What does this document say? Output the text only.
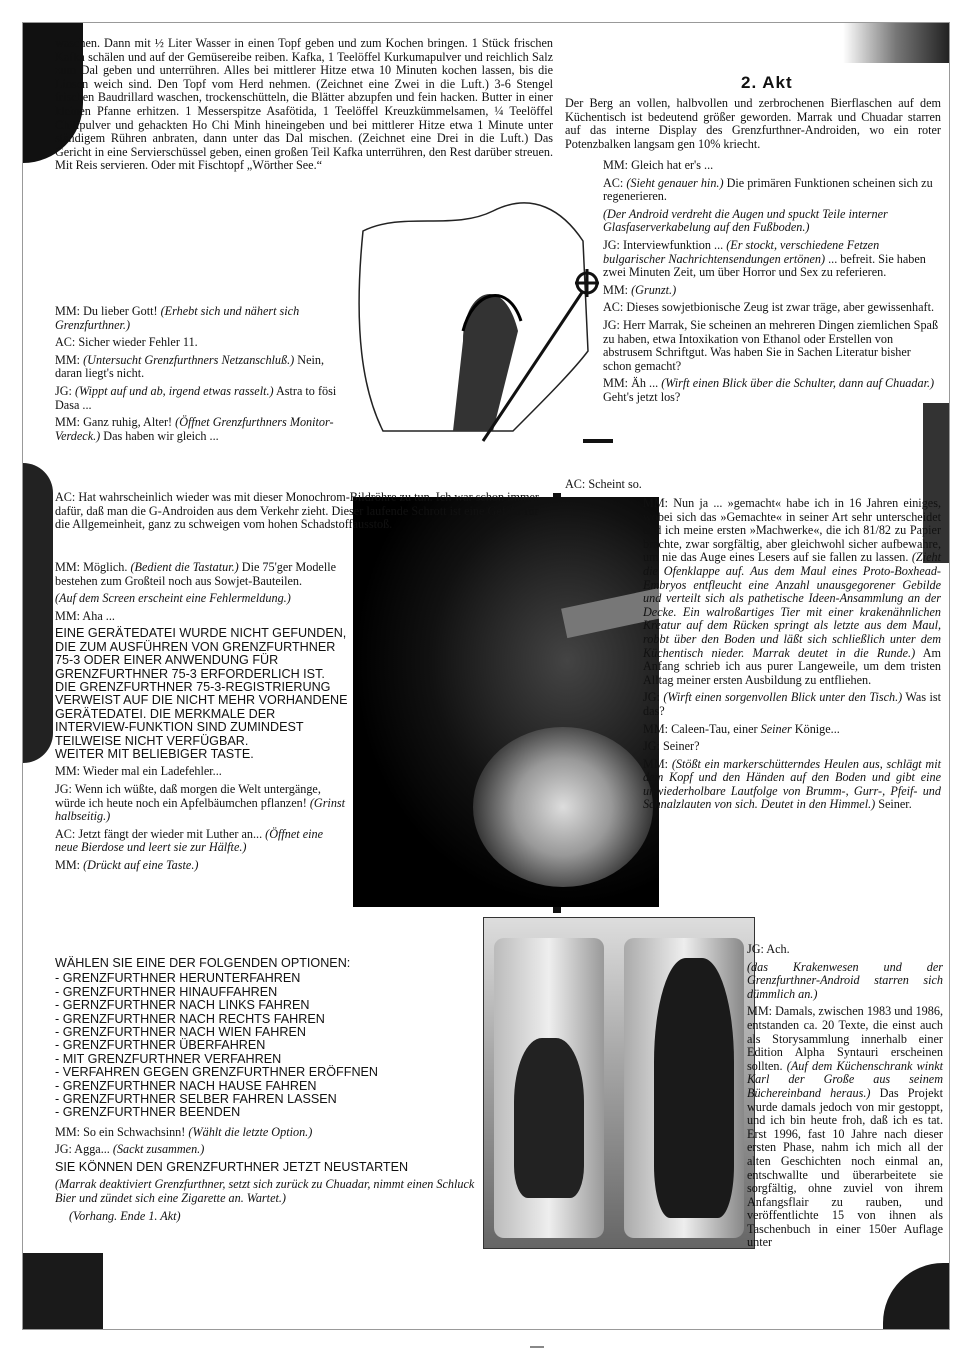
waschen. Dann mit ½ Liter Wasser in einen Topf geben und zum Kochen bringen. 1 Stück frischen Kafka schälen und auf der Gemüsereibe reiben. Kafka, 1 Teelöffel Kurkumapulver und reichlich Salz zum Dal geben und unterrühren. Alles bei mittlerer Hitze etwa 10 Minuten kochen lassen, bis die Linsen weich sind. Den Topf vom Herd nehmen. (Zeichnet eine Zwei in die Luft.) 3-6 Stengel frischen Baudrillard waschen, trockenschütteln, die Blätter abzupfen und fein hacken. Butter in einer kleinen Pfanne erhitzen. 1 Messerspitze Asafötida, 1 Teelöffel Kreuzkümmelsamen, ¼ Teelöffel Chilipulver und gehackten Ho Chi Minh hineingeben und bei mittlerer Hitze etwa 1 Minute unter ständigem Rühren anbraten, dann unter das Dal mischen. (Zeichnet eine Drei in die Luft.) Das Gericht in eine Servierschüssel geben, einen großen Teil Kafka unterrühren, den Rest darüber streuen. Mit Reis servieren. Oder mit Fischtopf „Wörther See.“

MM: Du lieber Gott! (Erhebt sich und nähert sich Grenzfurthner.)

AC: Sicher wieder Fehler 11.

MM: (Untersucht Grenzfurthners Netzanschluß.) Nein, daran liegt's nicht.

JG: (Wippt auf und ab, irgend etwas rasselt.) Astra to fösi Dasa ...

MM: Ganz ruhig, Alter! (Öffnet Grenzfurthners Monitor-Verdeck.) Das haben wir gleich ...

AC: Hat wahrscheinlich wieder was mit dieser Monochrom-Bildröhre zu tun. Ich war schon immer dafür, daß man die G-Androiden aus dem Verkehr zieht. Dieser laufende Schrott ist eine Gefahr für die Allgemeinheit, ganz zu schweigen vom hohen Schadstoffausstoß.

MM: Möglich. (Bedient die Tastatur.) Die 75'ger Modelle bestehen zum Großteil noch aus Sowjet-Bauteilen.

(Auf dem Screen erscheint eine Fehlermeldung.)

MM: Aha ...

EINE GERÄTEDATEI WURDE NICHT GEFUNDEN, DIE ZUM AUSFÜHREN VON GRENZFURTHNER 75-3 ODER EINER ANWENDUNG FÜR GRENZFURTHNER 75-3 ERFORDERLICH IST. DIE GRENZFURTHNER 75-3-REGISTRIERUNG VERWEIST AUF DIE NICHT MEHR VORHANDENE GERÄTEDATEI. DIE MERKMALE DER INTERVIEW-FUNKTION SIND ZUMINDEST TEILWEISE NICHT VERFÜGBAR.

WEITER MIT BELIEBIGER TASTE.

MM: Wieder mal ein Ladefehler...

JG: Wenn ich wüßte, daß morgen die Welt untergänge, würde ich heute noch ein Apfelbäumchen pflanzen! (Grinst halbseitig.)

AC: Jetzt fängt der wieder mit Luther an... (Öffnet eine neue Bierdose und leert sie zur Hälfte.)

MM: (Drückt auf eine Taste.)

WÄHLEN SIE EINE DER FOLGENDEN OPTIONEN:

- GRENZFURTHNER HERUNTERFAHREN
- GRENZFURTHNER HINAUFFAHREN
- GERNZFURTHNER NACH LINKS FAHREN
- GRENZFURTHNER NACH RECHTS FAHREN
- GRENZFURTHNER NACH WIEN FAHREN
- GRENZFURTHNER ÜBERFAHREN
- MIT GRENZFURTHNER VERFAHREN
- VERFAHREN GEGEN GRENZFURTHNER ERÖFFNEN
- GRENZFURTHNER NACH HAUSE FAHREN
- GRENZFURTHNER SELBER FAHREN LASSEN
- GRENZFURTHNER BEENDEN

MM: So ein Schwachsinn! (Wählt die letzte Option.)

JG: Agga... (Sackt zusammen.)

SIE KÖNNEN DEN GRENZFURTHNER JETZT NEUSTARTEN

(Marrak deaktiviert Grenzfurthner, setzt sich zurück zu Chuadar, nimmt einen Schluck Bier und zündet sich eine Zigarette an. Wartet.)

(Vorhang. Ende 1. Akt)

2. Akt

Der Berg an vollen, halbvollen und zerbrochenen Bierflaschen auf dem Küchentisch ist bedeutend größer geworden. Marrak und Chuadar starren auf das interne Display des Grenzfurthner-Androiden, wo ein roter Potenzbalken langsam gen 10% kriecht.

MM: Gleich hat er's ...

AC: (Sieht genauer hin.) Die primären Funktionen scheinen sich zu regenerieren.

(Der Android verdreht die Augen und spuckt Teile interner Glasfaserverkabelung auf den Fußboden.)

JG: Interviewfunktion ... (Er stockt, verschiedene Fetzen bulgarischer Nachrichtensendungen ertönen) ... befreit. Sie haben zwei Minuten Zeit, um über Horror und Sex zu referieren.

MM: (Grunzt.)

AC: Dieses sowjetbionische Zeug ist zwar träge, aber gewissenhaft.

JG: Herr Marrak, Sie scheinen an mehreren Dingen ziemlichen Spaß zu haben, etwa Intoxikation von Ethanol oder Erstellen von abstrusem Schriftgut. Was haben Sie in Sachen Literatur bisher schon gemacht?

MM: Äh ... (Wirft einen Blick über die Schulter, dann auf Chuadar.) Geht's jetzt los?

AC: Scheint so.

MM: Nun ja ... »gemacht« habe ich in 16 Jahren einiges, wobei sich das »Gemachte« in seiner Art sehr unterscheidet und ich meine ersten »Machwerke«, die ich 81/82 zu Papier brachte, zwar sorgfältig, aber gleichwohl sicher aufbewahre, um nie das Auge eines Lesers auf sie fallen zu lassen. (Zieht die Ofenklappe auf. Aus dem Maul eines Proto-Boxhead-Embryos entfleucht eine Anzahl unausgegorener Gebilde und verteilt sich als pathetische Ideen-Ansammlung an der Decke. Ein walroßartiges Tier mit einer krakenähnlichen Kreatur auf dem Rücken springt als letzte aus dem Maul, robbt über den Boden und läßt sich schließlich unter dem Küchentisch nieder. Marrak deutet in die Runde.) Am Anfang schrieb ich aus purer Langeweile, um dem tristen Alltag meiner ersten Ausbildung zu entfliehen.

JG: (Wirft einen sorgenvollen Blick unter den Tisch.) Was ist das?

MM: Caleen-Tau, einer Seiner Könige...

JG: Seiner?

MM: (Stößt ein markerschütterndes Heulen aus, schlägt mit dem Kopf und den Händen auf den Boden und gibt eine unwiederholbare Lautfolge von Brumm-, Gurr-, Pfeif- und Schnalzlauten von sich. Deutet in den Himmel.) Seiner.

JG: Ach.

(das Krakenwesen und der Grenzfurthner-Android starren sich dümmlich an.)

MM: Damals, zwischen 1983 und 1986, entstanden ca. 20 Texte, die einst auch als Storysammlung innerhalb einer Edition Alpha Syntauri erscheinen sollten. (Auf dem Küchenschrank winkt Karl der Große aus seinem Büchereinband heraus.) Das Projekt wurde damals jedoch von mir gestoppt, und ich bin heute froh, daß ich es tat. Erst 1996, fast 10 Jahre nach dieser ersten Phase, nahm ich mich all der alten Geschichten noch einmal an, entschwallte und überarbeitete sie sorgfältig, ohne zuviel von ihrem Anfangsflair zu rauben, und veröffentlichte 15 von ihnen als Taschenbuch in einer 150er Auflage unter
